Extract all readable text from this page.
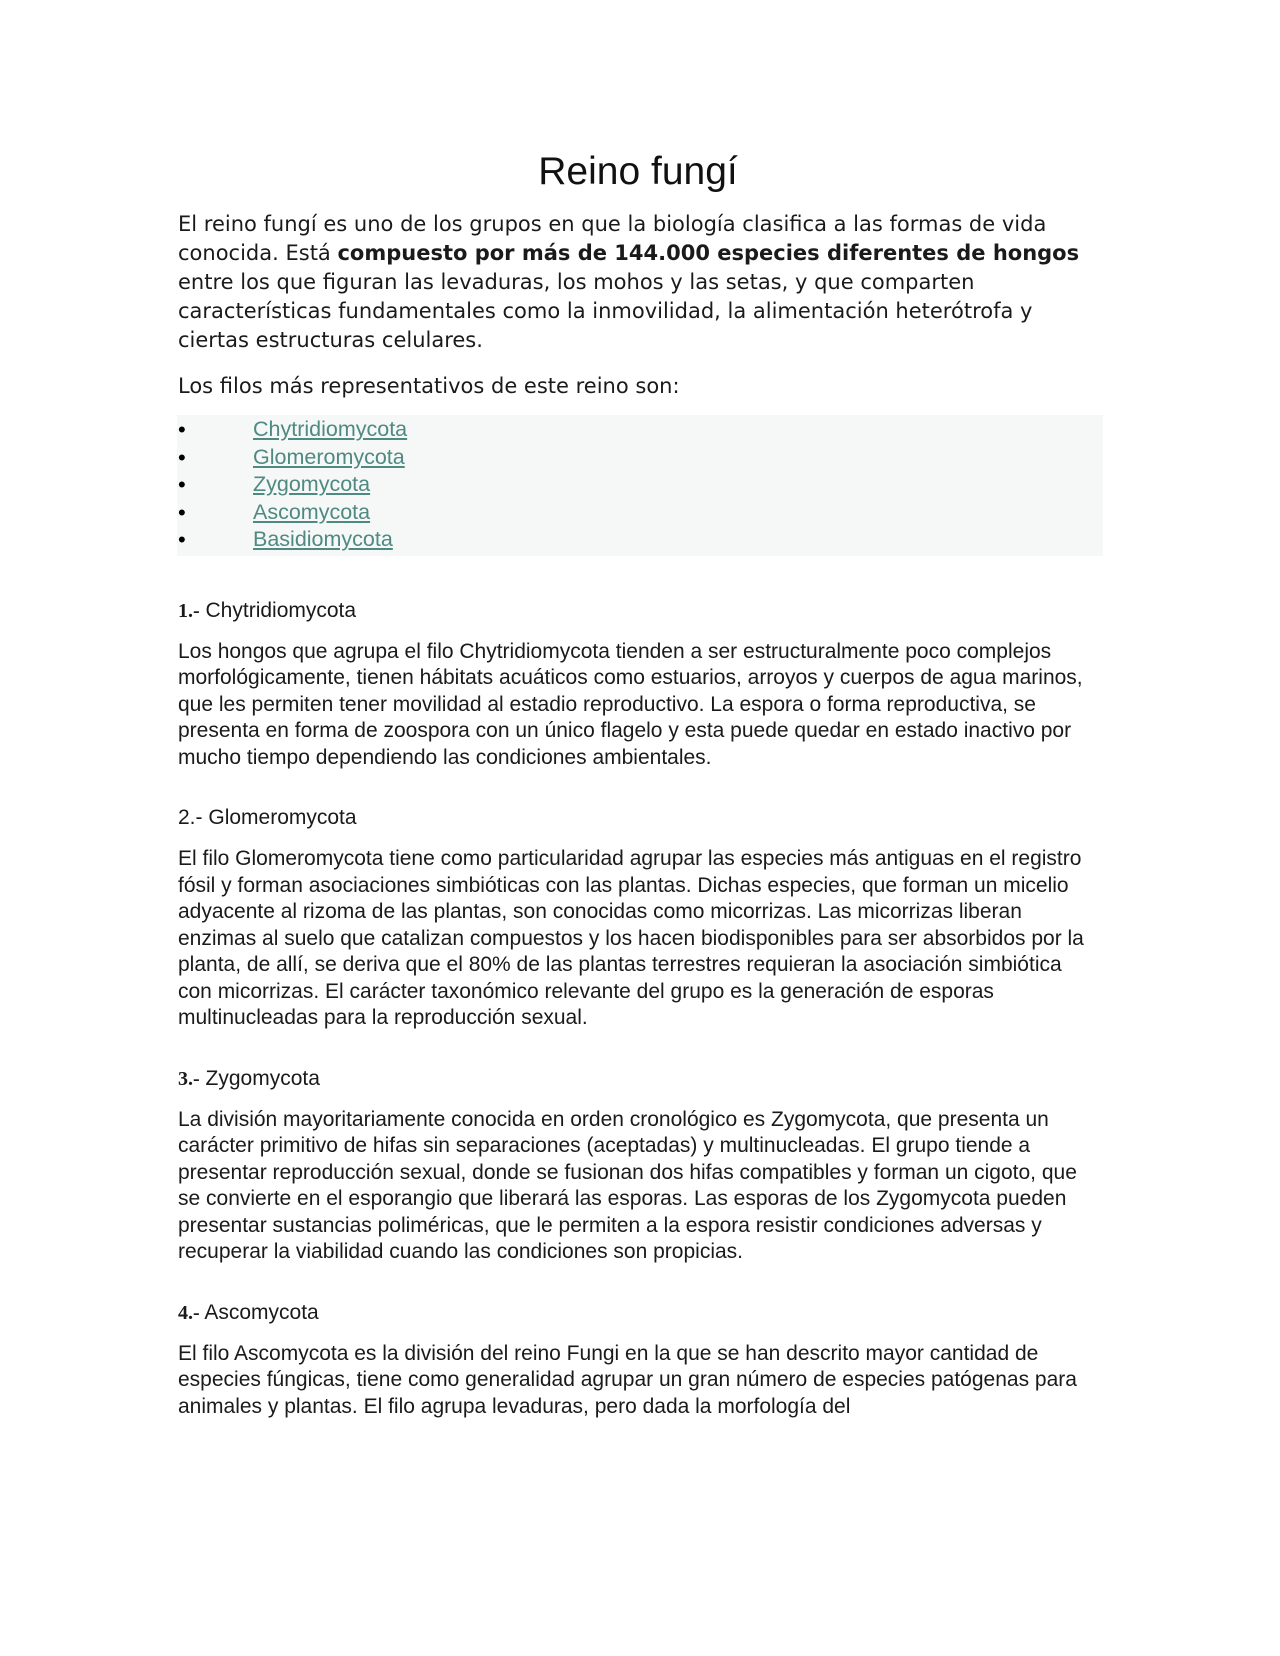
Reino fungí

El reino fungí es uno de los grupos en que la biología clasifica a las formas de vida conocida. Está compuesto por más de 144.000 especies diferentes de hongos entre los que figuran las levaduras, los mohos y las setas, y que comparten características fundamentales como la inmovilidad, la alimentación heterótrofa y ciertas estructuras celulares.

Los filos más representativos de este reino son:

•	Chytridiomycota
•	Glomeromycota
•	Zygomycota
•	Ascomycota
•	Basidiomycota
1.- Chytridiomycota

Los hongos que agrupa el filo Chytridiomycota tienden a ser estructuralmente poco complejos morfológicamente, tienen hábitats acuáticos como estuarios, arroyos y cuerpos de agua marinos, que les permiten tener movilidad al estadio reproductivo. La espora o forma reproductiva, se presenta en forma de zoospora con un único flagelo y esta puede quedar en estado inactivo por mucho tiempo dependiendo las condiciones ambientales.

2.- Glomeromycota

El filo Glomeromycota tiene como particularidad agrupar las especies más antiguas en el registro fósil y forman asociaciones simbióticas con las plantas. Dichas especies, que forman un micelio adyacente al rizoma de las plantas, son conocidas como micorrizas. Las micorrizas liberan enzimas al suelo que catalizan compuestos y los hacen biodisponibles para ser absorbidos por la planta, de allí, se deriva que el 80% de las plantas terrestres requieran la asociación simbiótica con micorrizas. El carácter taxonómico relevante del grupo es la generación de esporas multinucleadas para la reproducción sexual.

3.- Zygomycota

La división mayoritariamente conocida en orden cronológico es Zygomycota, que presenta un carácter primitivo de hifas sin separaciones (aceptadas) y multinucleadas. El grupo tiende a presentar reproducción sexual, donde se fusionan dos hifas compatibles y forman un cigoto, que se convierte en el esporangio que liberará las esporas. Las esporas de los Zygomycota pueden presentar sustancias poliméricas, que le permiten a la espora resistir condiciones adversas y recuperar la viabilidad cuando las condiciones son propicias.

4.- Ascomycota

El filo Ascomycota es la división del reino Fungi en la que se han descrito mayor cantidad de especies fúngicas, tiene como generalidad agrupar un gran número de especies patógenas para animales y plantas. El filo agrupa levaduras, pero dada la morfología del
